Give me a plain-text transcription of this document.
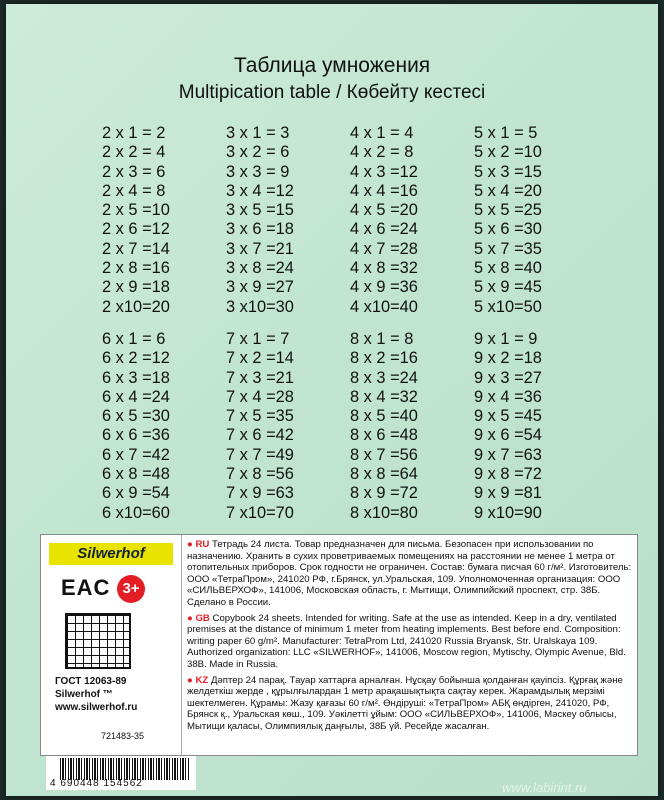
Таблица умножения
Multipication table / Көбейту кестесі
2 x 1 = 2
2 x 2 = 4
2 x 3 = 6
2 x 4 = 8
2 x 5 =10
2 x 6 =12
2 x 7 =14
2 x 8 =16
2 x 9 =18
2 x10=20
3 x 1 = 3
3 x 2 = 6
3 x 3 = 9
3 x 4 =12
3 x 5 =15
3 x 6 =18
3 x 7 =21
3 x 8 =24
3 x 9 =27
3 x10=30
4 x 1 = 4
4 x 2 = 8
4 x 3 =12
4 x 4 =16
4 x 5 =20
4 x 6 =24
4 x 7 =28
4 x 8 =32
4 x 9 =36
4 x10=40
5 x 1 = 5
5 x 2 =10
5 x 3 =15
5 x 4 =20
5 x 5 =25
5 x 6 =30
5 x 7 =35
5 x 8 =40
5 x 9 =45
5 x10=50
6 x 1 = 6
6 x 2 =12
6 x 3 =18
6 x 4 =24
6 x 5 =30
6 x 6 =36
6 x 7 =42
6 x 8 =48
6 x 9 =54
6 x10=60
7 x 1 = 7
7 x 2 =14
7 x 3 =21
7 x 4 =28
7 x 5 =35
7 x 6 =42
7 x 7 =49
7 x 8 =56
7 x 9 =63
7 x10=70
8 x 1 = 8
8 x 2 =16
8 x 3 =24
8 x 4 =32
8 x 5 =40
8 x 6 =48
8 x 7 =56
8 x 8 =64
8 x 9 =72
8 x10=80
9 x 1 = 9
9 x 2 =18
9 x 3 =27
9 x 4 =36
9 x 5 =45
9 x 6 =54
9 x 7 =63
9 x 8 =72
9 x 9 =81
9 x10=90
Silwerhof
EAC 3+
ГОСТ 12063-89
Silwerhof ™
www.silwerhof.ru
721483-35

● RU Тетрадь 24 листа. Товар предназначен для письма. Безопасен при использовании по назначению. Хранить в сухих проветриваемых помещениях на расстоянии не менее 1 метра от отопительных приборов. Срок годности не ограничен. Состав: бумага писчая 60 г/м². Изготовитель: ООО «ТетраПром», 241020 РФ, г.Брянск, ул.Уральская, 109. Уполномоченная организация: ООО «СИЛЬВЕРХОФ», 141006, Московская область, г. Мытищи, Олимпийский проспект, стр. 38Б. Сделано в России.

● GB Copybook 24 sheets. Intended for writing. Safe at the use as intended. Keep in a dry, ventilated premises at the distance of minimum 1 meter from heating implements. Best before end. Composition: writing paper 60 g/m². Manufacturer: TetraProm Ltd, 241020 Russia Bryansk, Str. Uralskaya 109. Authorized organization: LLC «SILWERHOF», 141006, Moscow region, Mytischy, Olympic Avenue, Bld. 38B. Made in Russia.

● KZ Дәптер 24 парақ. Тауар хаттарға арналған. Нұсқау бойынша қолданған қауіпсіз. Құрғақ және желдеткіш жерде , құрылғылардан 1 метр арақашықтықта сақтау керек. Жарамдылық мерзімі шектелмеген. Құрамы: Жазу қағазы 60 г/м². Өндіруші: «ТетраПром» АБҚ өндірген, 241020, РФ, Брянск қ., Уральская көш., 109. Уәкілетті ұйым: ООО «СИЛЬВЕРХОФ», 141006, Мәскеу облысы, Мытищи қаласы, Олимпиялық даңғылы, 38Б үй. Ресейде жасалған.

4 690448 154562	www.labirint.ru
